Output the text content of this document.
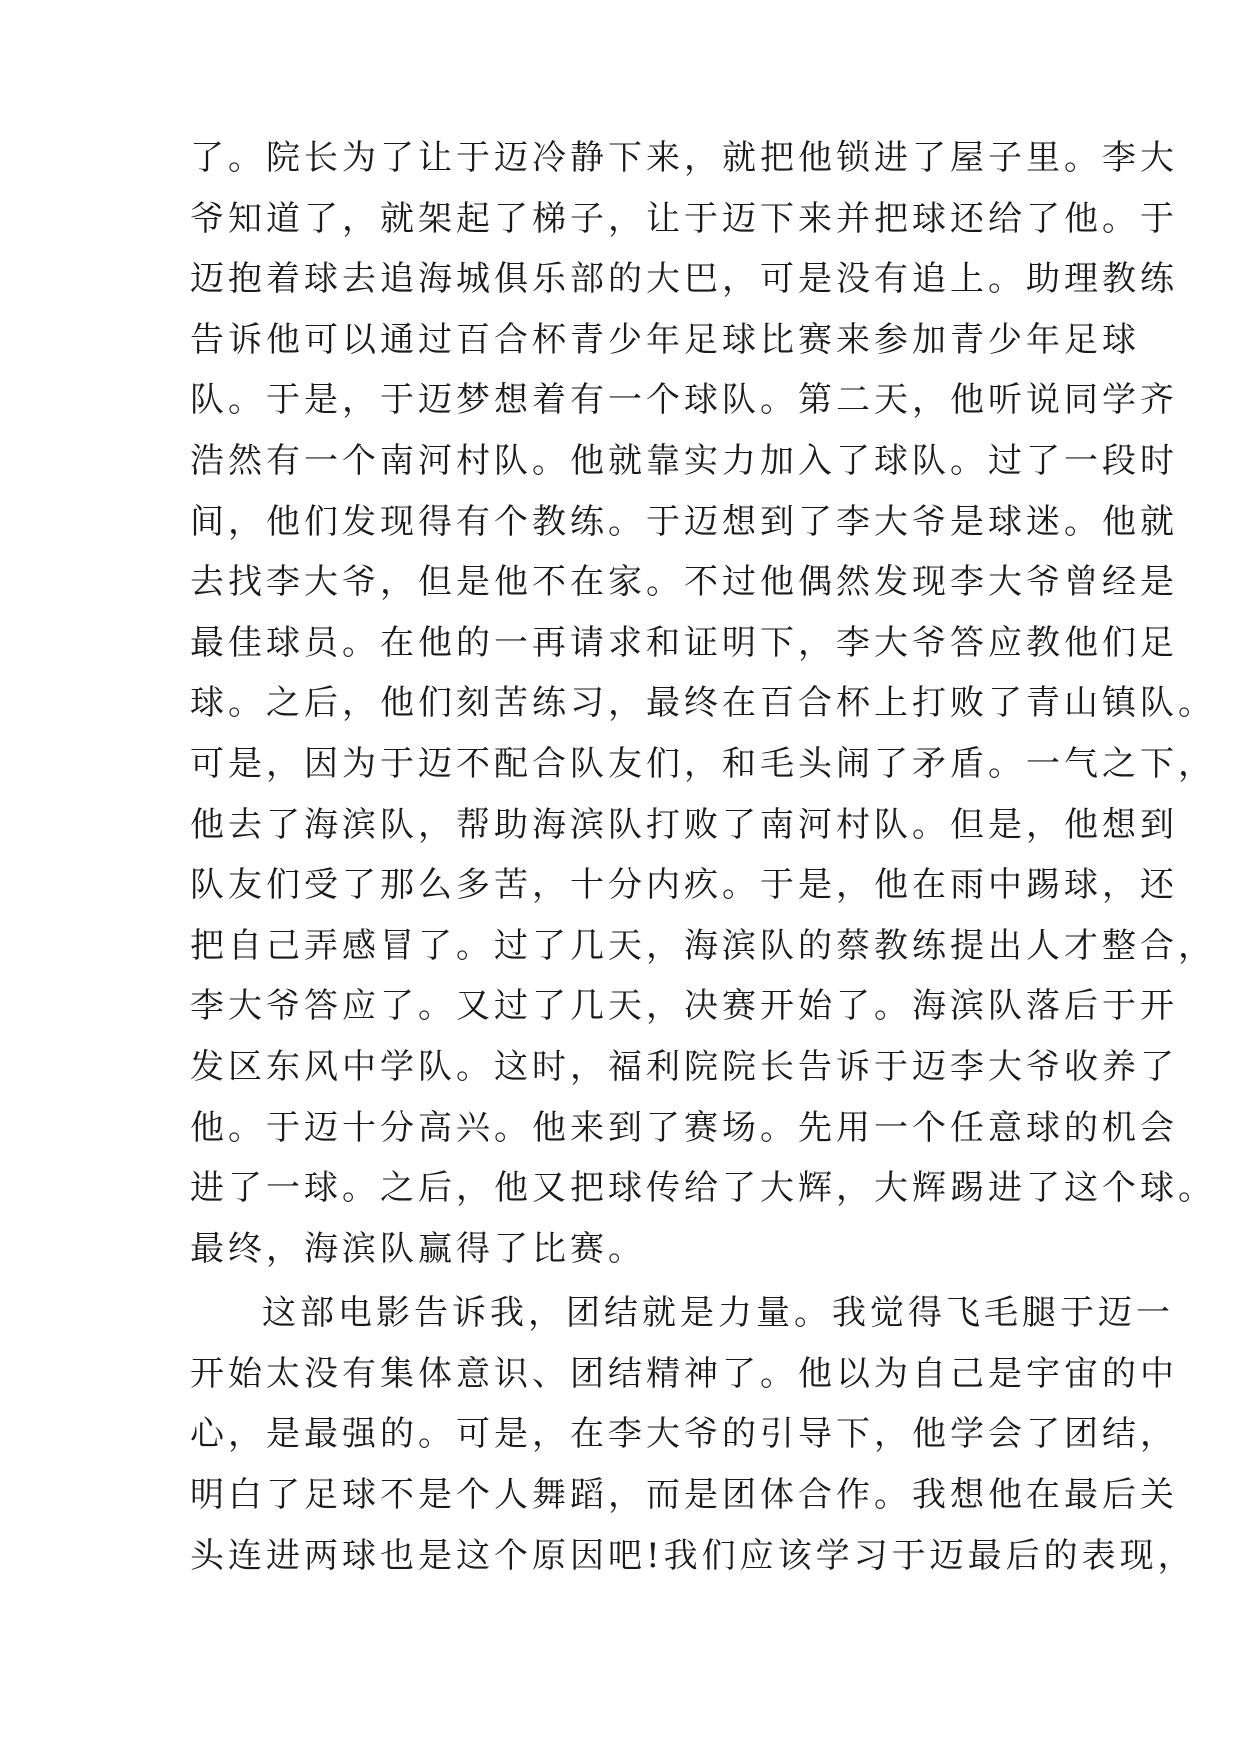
了。院长为了让于迈冷静下来，就把他锁进了屋子里。李大
爷知道了，就架起了梯子，让于迈下来并把球还给了他。于
迈抱着球去追海城俱乐部的大巴，可是没有追上。助理教练
告诉他可以通过百合杯青少年足球比赛来参加青少年足球
队。于是，于迈梦想着有一个球队。第二天，他听说同学齐
浩然有一个南河村队。他就靠实力加入了球队。过了一段时
间，他们发现得有个教练。于迈想到了李大爷是球迷。他就
去找李大爷，但是他不在家。不过他偶然发现李大爷曾经是
最佳球员。在他的一再请求和证明下，李大爷答应教他们足
球。之后，他们刻苦练习，最终在百合杯上打败了青山镇队。
可是，因为于迈不配合队友们，和毛头闹了矛盾。一气之下，
他去了海滨队，帮助海滨队打败了南河村队。但是，他想到
队友们受了那么多苦，十分内疚。于是，他在雨中踢球，还
把自己弄感冒了。过了几天，海滨队的蔡教练提出人才整合，
李大爷答应了。又过了几天，决赛开始了。海滨队落后于开
发区东风中学队。这时，福利院院长告诉于迈李大爷收养了
他。于迈十分高兴。他来到了赛场。先用一个任意球的机会
进了一球。之后，他又把球传给了大辉，大辉踢进了这个球。
最终，海滨队赢得了比赛。
这部电影告诉我，团结就是力量。我觉得飞毛腿于迈一
开始太没有集体意识、团结精神了。他以为自己是宇宙的中
心，是最强的。可是，在李大爷的引导下，他学会了团结，
明白了足球不是个人舞蹈，而是团体合作。我想他在最后关
头连进两球也是这个原因吧!我们应该学习于迈最后的表现，
